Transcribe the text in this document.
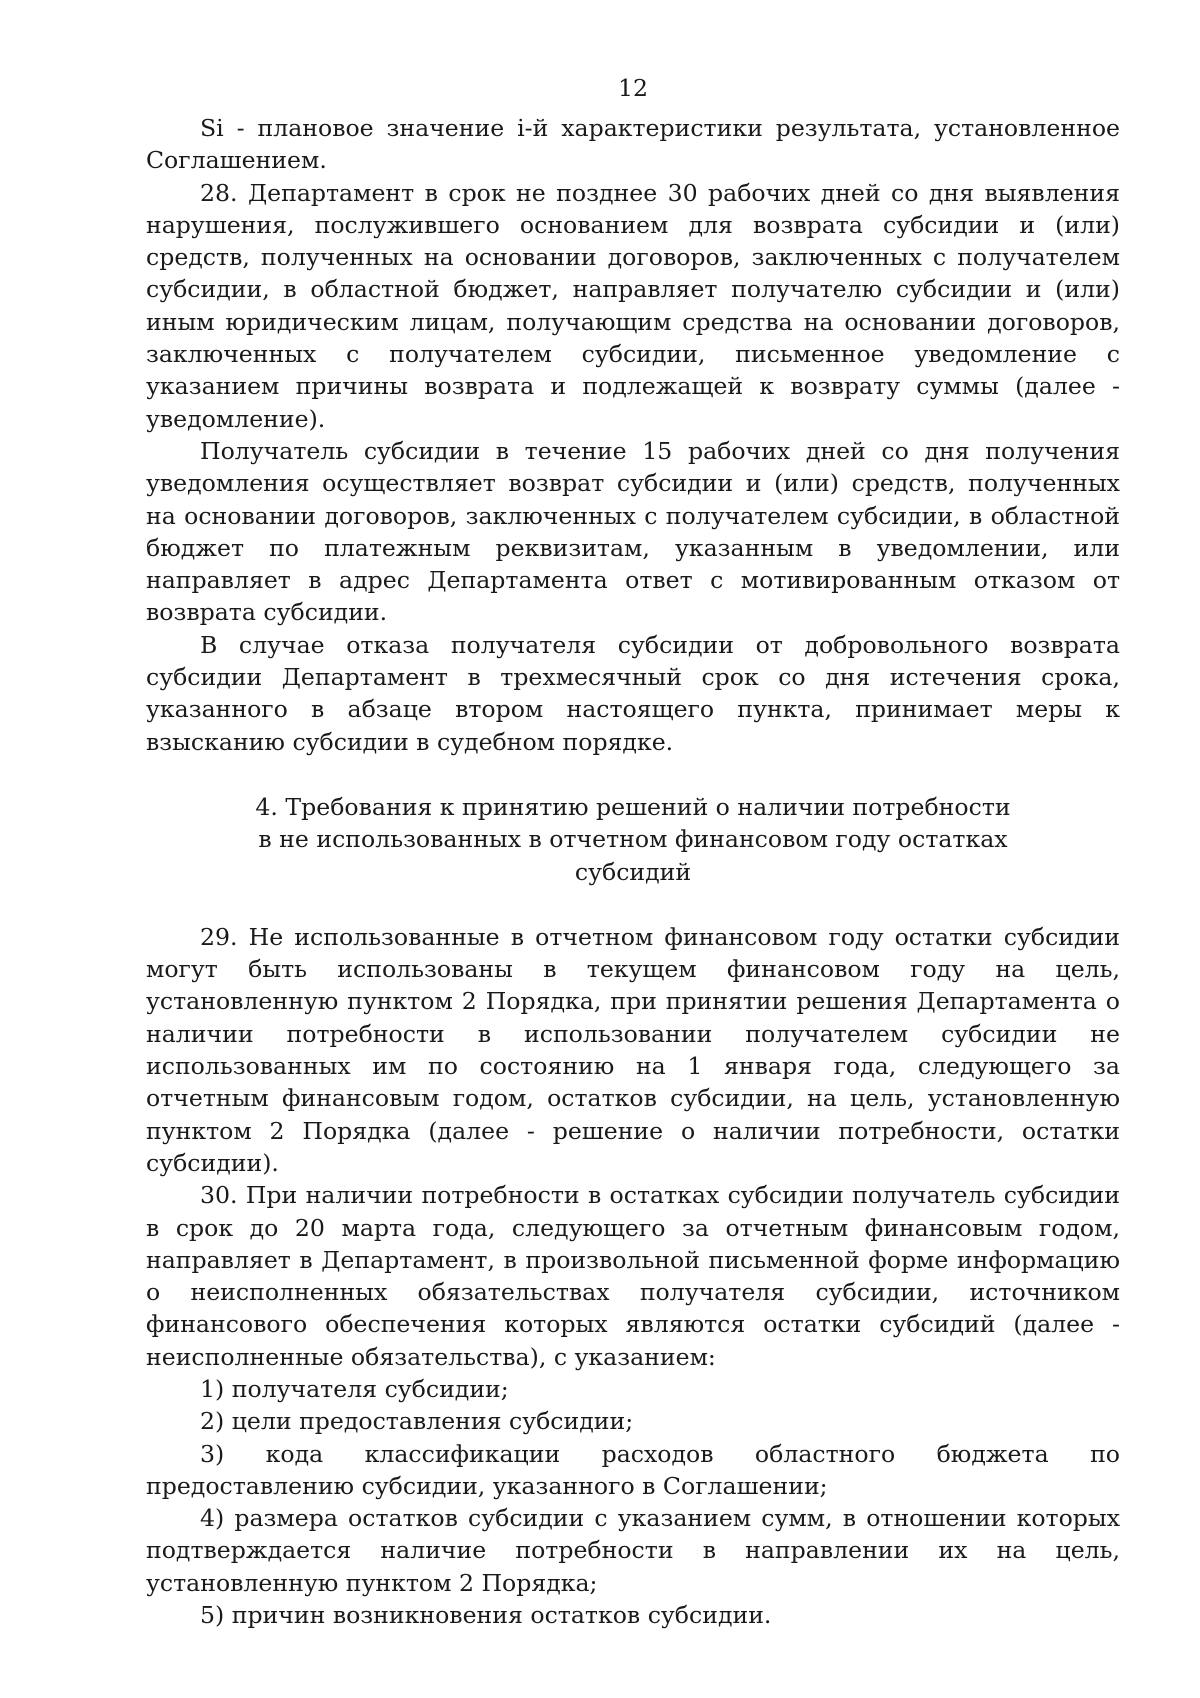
12

Si - плановое значение i-й характеристики результата, установленное Соглашением.

28. Департамент в срок не позднее 30 рабочих дней со дня выявления нарушения, послужившего основанием для возврата субсидии и (или) средств, полученных на основании договоров, заключенных с получателем субсидии, в областной бюджет, направляет получателю субсидии и (или) иным юридическим лицам, получающим средства на основании договоров, заключенных с получателем субсидии, письменное уведомление с указанием причины возврата и подлежащей к возврату суммы (далее - уведомление).

Получатель субсидии в течение 15 рабочих дней со дня получения уведомления осуществляет возврат субсидии и (или) средств, полученных на основании договоров, заключенных с получателем субсидии, в областной бюджет по платежным реквизитам, указанным в уведомлении, или направляет в адрес Департамента ответ с мотивированным отказом от возврата субсидии.

В случае отказа получателя субсидии от добровольного возврата субсидии Департамент в трехмесячный срок со дня истечения срока, указанного в абзаце втором настоящего пункта, принимает меры к взысканию субсидии в судебном порядке.

4. Требования к принятию решений о наличии потребности
в не использованных в отчетном финансовом году остатках
субсидий

29. Не использованные в отчетном финансовом году остатки субсидии могут быть использованы в текущем финансовом году на цель, установленную пунктом 2 Порядка, при принятии решения Департамента о наличии потребности в использовании получателем субсидии не использованных им по состоянию на 1 января года, следующего за отчетным финансовым годом, остатков субсидии, на цель, установленную пунктом 2 Порядка (далее - решение о наличии потребности, остатки субсидии).

30. При наличии потребности в остатках субсидии получатель субсидии в срок до 20 марта года, следующего за отчетным финансовым годом, направляет в Департамент, в произвольной письменной форме информацию о неисполненных обязательствах получателя субсидии, источником финансового обеспечения которых являются остатки субсидий (далее - неисполненные обязательства), с указанием:

1) получателя субсидии;

2) цели предоставления субсидии;

3) кода классификации расходов областного бюджета по предоставлению субсидии, указанного в Соглашении;

4) размера остатков субсидии с указанием сумм, в отношении которых подтверждается наличие потребности в направлении их на цель, установленную пунктом 2 Порядка;

5) причин возникновения остатков субсидии.
